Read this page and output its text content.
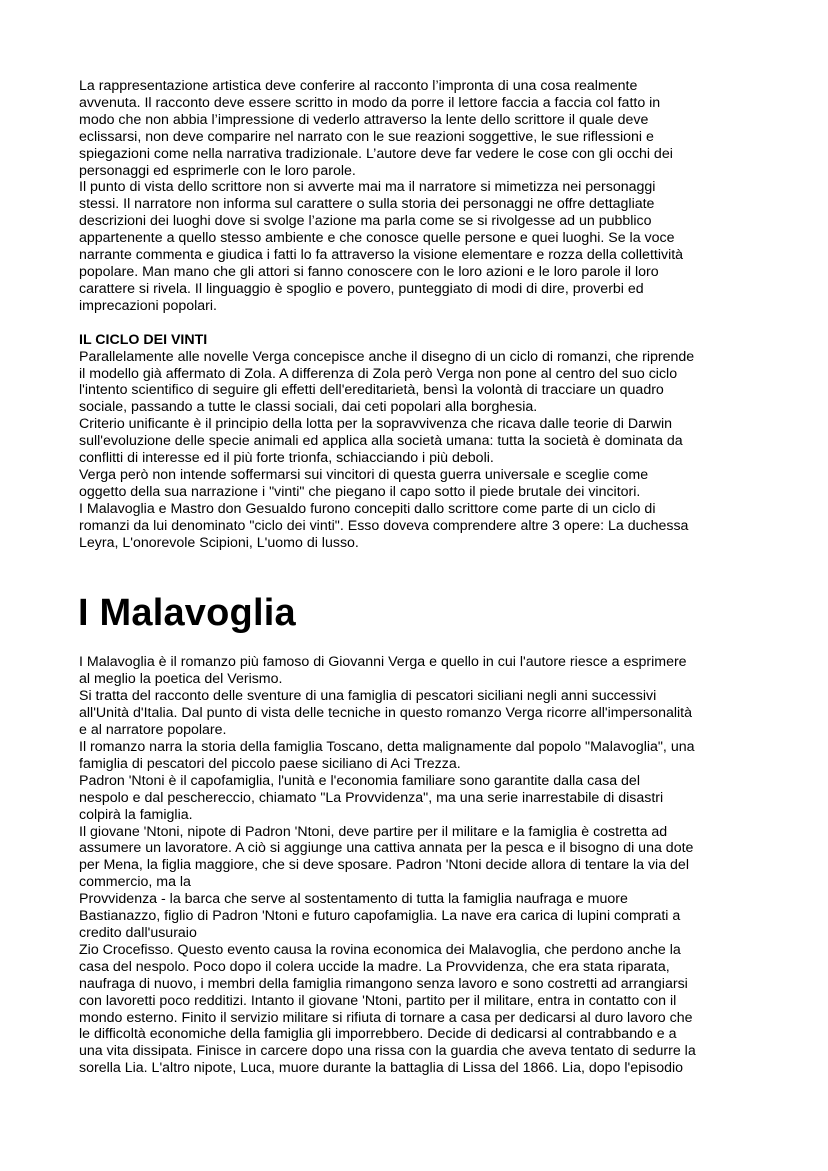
La rappresentazione artistica deve conferire al racconto l’impronta di una cosa realmente

avvenuta. Il racconto deve essere scritto in modo da porre il lettore faccia a faccia col fatto in

modo che non abbia l’impressione di vederlo attraverso la lente dello scrittore il quale deve

eclissarsi, non deve comparire nel narrato con le sue reazioni soggettive, le sue riflessioni e

spiegazioni come nella narrativa tradizionale. L’autore deve far vedere le cose con gli occhi dei

personaggi ed esprimerle con le loro parole.

Il punto di vista dello scrittore non si avverte mai ma il narratore si mimetizza nei personaggi

stessi. Il narratore non informa sul carattere o sulla storia dei personaggi ne offre dettagliate

descrizioni dei luoghi dove si svolge l’azione ma parla come se si rivolgesse ad un pubblico

appartenente a quello stesso ambiente e che conosce quelle persone e quei luoghi. Se la voce

narrante commenta e giudica i fatti lo fa attraverso la visione elementare e rozza della collettività

popolare. Man mano che gli attori si fanno conoscere con le loro azioni e le loro parole il loro

carattere si rivela. Il linguaggio è spoglio e povero, punteggiato di modi di dire, proverbi ed

imprecazioni popolari.

IL CICLO DEI VINTI

Parallelamente alle novelle Verga concepisce anche il disegno di un ciclo di romanzi, che riprende

il modello già affermato di Zola. A differenza di Zola però Verga non pone al centro del suo ciclo

l'intento scientifico di seguire gli effetti dell'ereditarietà, bensì la volontà di tracciare un quadro

sociale, passando a tutte le classi sociali, dai ceti popolari alla borghesia.

Criterio unificante è il principio della lotta per la sopravvivenza che ricava dalle teorie di Darwin

sull'evoluzione delle specie animali ed applica alla società umana: tutta la società è dominata da

conflitti di interesse ed il più forte trionfa, schiacciando i più deboli.

Verga però non intende soffermarsi sui vincitori di questa guerra universale e sceglie come

oggetto della sua narrazione i "vinti" che piegano il capo sotto il piede brutale dei vincitori.

I Malavoglia e Mastro don Gesualdo furono concepiti dallo scrittore come parte di un ciclo di

romanzi da lui denominato "ciclo dei vinti". Esso doveva comprendere altre 3 opere: La duchessa

Leyra, L'onorevole Scipioni, L'uomo di lusso.

I Malavoglia

I Malavoglia è il romanzo più famoso di Giovanni Verga e quello in cui l'autore riesce a esprimere

al meglio la poetica del Verismo.

Si tratta del racconto delle sventure di una famiglia di pescatori siciliani negli anni successivi

all'Unità d'Italia. Dal punto di vista delle tecniche in questo romanzo Verga ricorre all'impersonalità

e al narratore popolare.

Il romanzo narra la storia della famiglia Toscano, detta malignamente dal popolo "Malavoglia", una

famiglia di pescatori del piccolo paese siciliano di Aci Trezza.

Padron 'Ntoni è il capofamiglia, l'unità e l'economia familiare sono garantite dalla casa del

nespolo e dal peschereccio, chiamato "La Provvidenza", ma una serie inarrestabile di disastri

colpirà la famiglia.

Il giovane 'Ntoni, nipote di Padron 'Ntoni, deve partire per il militare e la famiglia è costretta ad

assumere un lavoratore. A ciò si aggiunge una cattiva annata per la pesca e il bisogno di una dote

per Mena, la figlia maggiore, che si deve sposare. Padron 'Ntoni decide allora di tentare la via del

commercio, ma la

Provvidenza - la barca che serve al sostentamento di tutta la famiglia naufraga e muore

Bastianazzo, figlio di Padron 'Ntoni e futuro capofamiglia. La nave era carica di lupini comprati a

credito dall'usuraio

Zio Crocefisso. Questo evento causa la rovina economica dei Malavoglia, che perdono anche la

casa del nespolo. Poco dopo il colera uccide la madre. La Provvidenza, che era stata riparata,

naufraga di nuovo, i membri della famiglia rimangono senza lavoro e sono costretti ad arrangiarsi

con lavoretti poco redditizi. Intanto il giovane 'Ntoni, partito per il militare, entra in contatto con il

mondo esterno. Finito il servizio militare si rifiuta di tornare a casa per dedicarsi al duro lavoro che

le difficoltà economiche della famiglia gli imporrebbero. Decide di dedicarsi al contrabbando e a

una vita dissipata. Finisce in carcere dopo una rissa con la guardia che aveva tentato di sedurre la

sorella Lia. L'altro nipote, Luca, muore durante la battaglia di Lissa del 1866. Lia, dopo l'episodio
